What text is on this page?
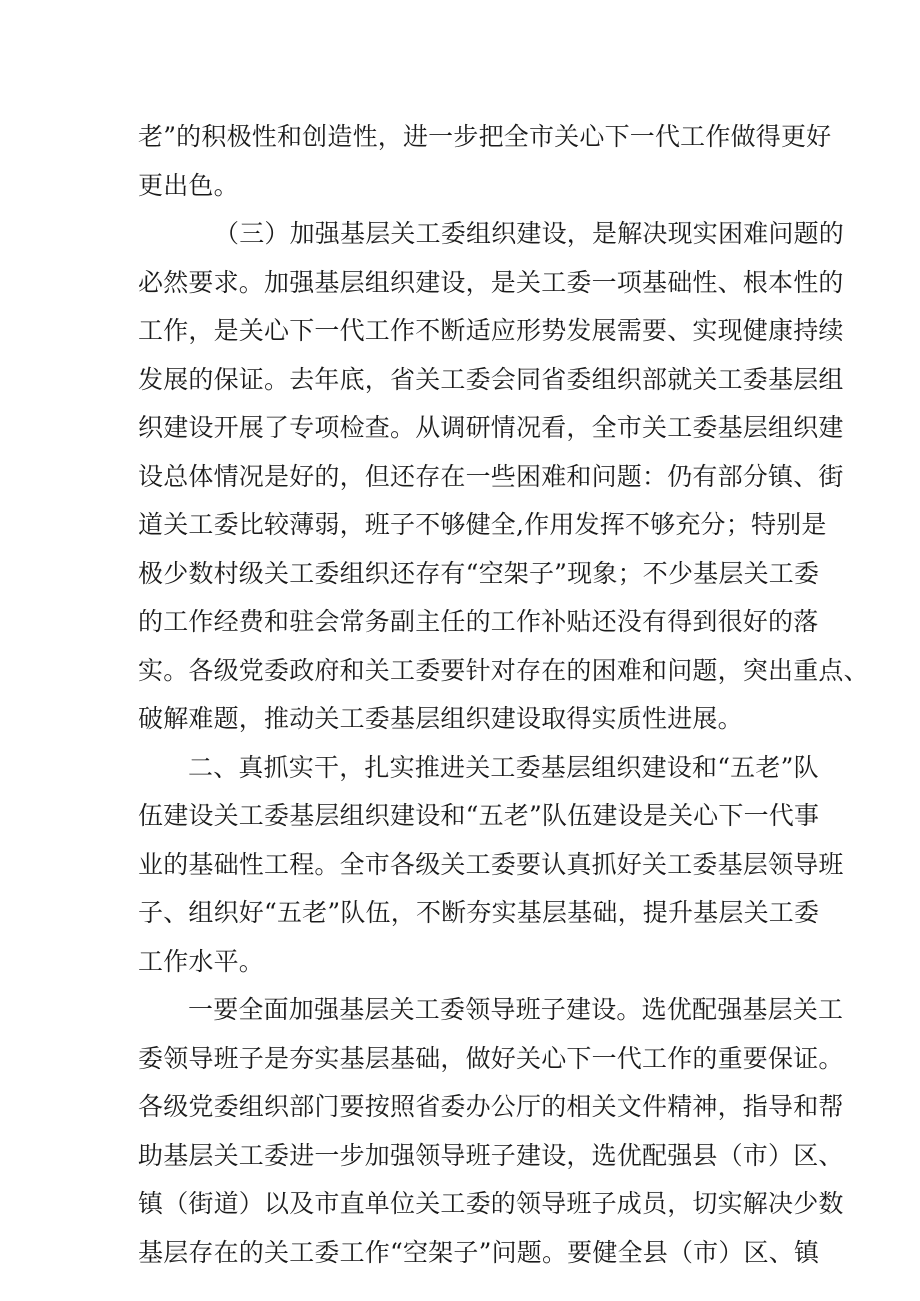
老”的积极性和创造性，进一步把全市关心下一代工作做得更好
更出色。
（三）加强基层关工委组织建设，是解决现实困难问题的
必然要求。加强基层组织建设，是关工委一项基础性、根本性的
工作，是关心下一代工作不断适应形势发展需要、实现健康持续
发展的保证。去年底，省关工委会同省委组织部就关工委基层组
织建设开展了专项检查。从调研情况看，全市关工委基层组织建
设总体情况是好的，但还存在一些困难和问题：仍有部分镇、街
道关工委比较薄弱，班子不够健全,作用发挥不够充分；特别是
极少数村级关工委组织还存有“空架子”现象；不少基层关工委
的工作经费和驻会常务副主任的工作补贴还没有得到很好的落
实。各级党委政府和关工委要针对存在的困难和问题，突出重点、
破解难题，推动关工委基层组织建设取得实质性进展。
二、真抓实干，扎实推进关工委基层组织建设和“五老”队
伍建设关工委基层组织建设和“五老”队伍建设是关心下一代事
业的基础性工程。全市各级关工委要认真抓好关工委基层领导班
子、组织好“五老”队伍，不断夯实基层基础，提升基层关工委
工作水平。
一要全面加强基层关工委领导班子建设。选优配强基层关工
委领导班子是夯实基层基础，做好关心下一代工作的重要保证。
各级党委组织部门要按照省委办公厅的相关文件精神，指导和帮
助基层关工委进一步加强领导班子建设，选优配强县（市）区、
镇（街道）以及市直单位关工委的领导班子成员，切实解决少数
基层存在的关工委工作“空架子”问题。要健全县（市）区、镇
